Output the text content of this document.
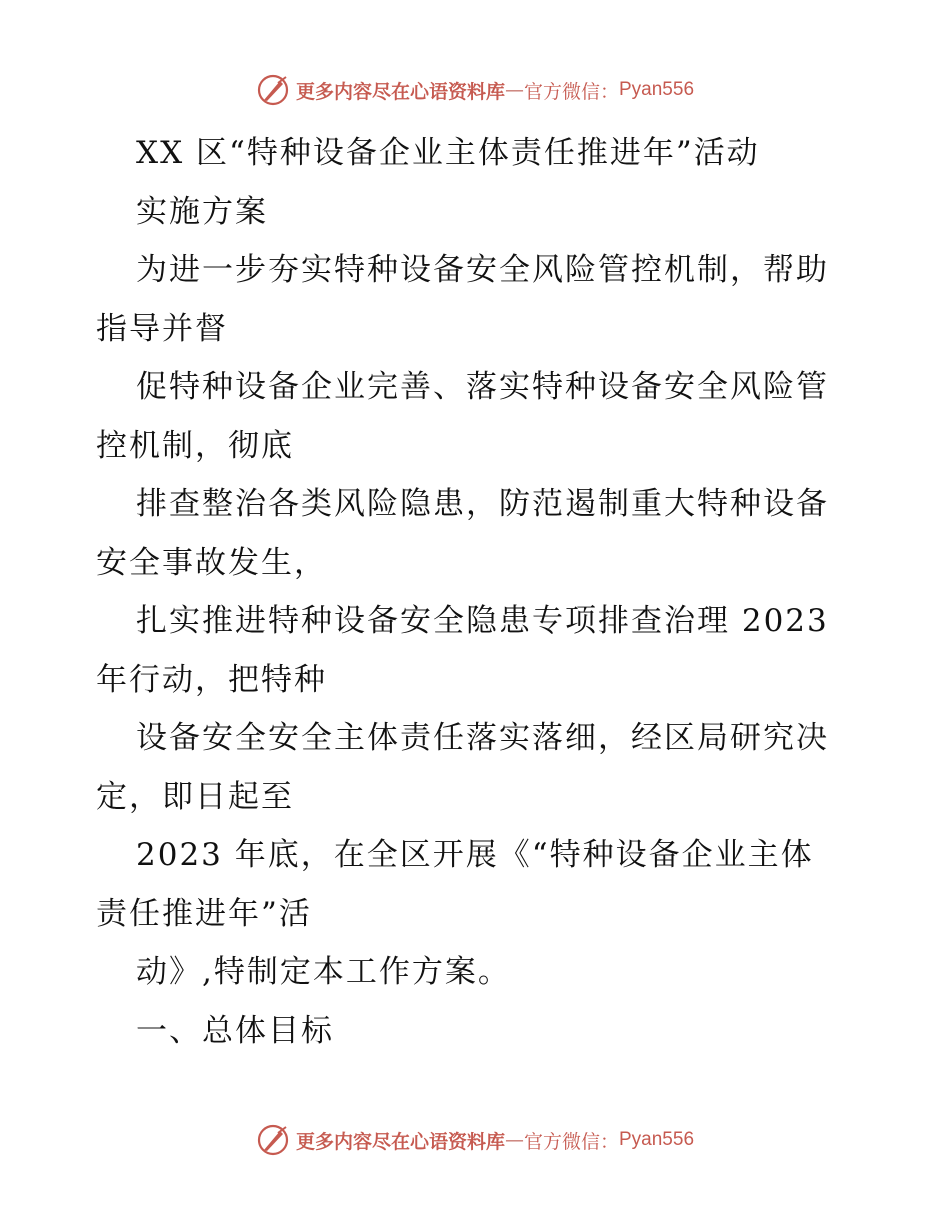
更多内容尽在心语资料库 — 官方微信： Pyan556
XX 区“特种设备企业主体责任推进年”活动
实施方案
为进一步夯实特种设备安全风险管控机制，帮助
指导并督
促特种设备企业完善、落实特种设备安全风险管
控机制，彻底
排查整治各类风险隐患，防范遏制重大特种设备
安全事故发生，
扎实推进特种设备安全隐患专项排查治理 2023
年行动，把特种
设备安全安全主体责任落实落细，经区局研究决
定，即日起至
2023 年底，在全区开展《“特种设备企业主体
责任推进年”活
动》,特制定本工作方案。
一、总体目标
更多内容尽在心语资料库 — 官方微信： Pyan556
